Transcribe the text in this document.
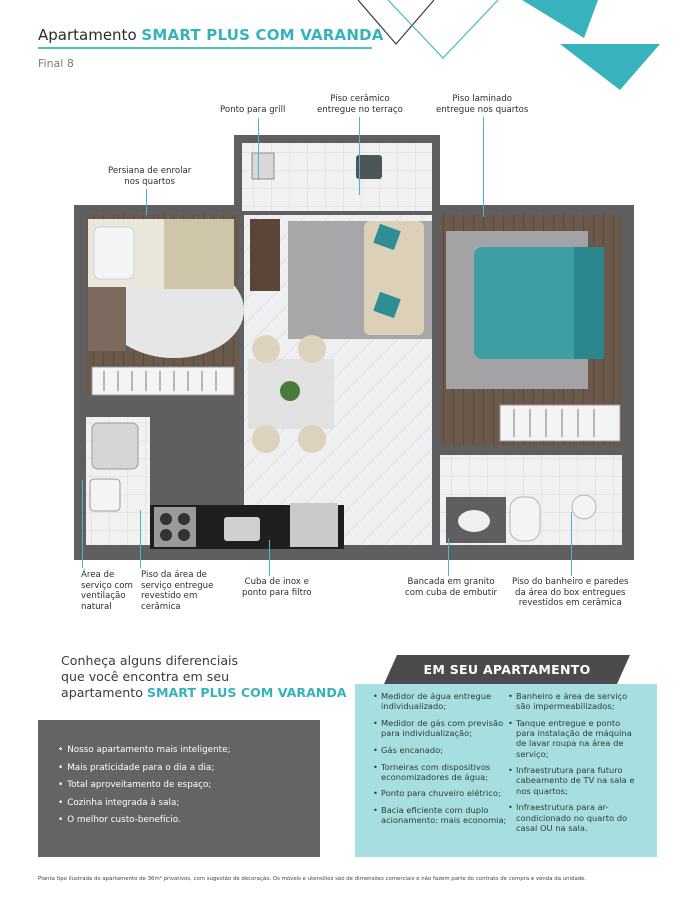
Apartamento SMART PLUS COM VARANDA
Final 8
Ponto para grill
Piso cerâmico
entregue no terraço
Piso laminado
entregue nos quartos
Persiana de enrolar
nos quartos
Área de
serviço com
ventilação
natural
Piso da área de
serviço entregue
revestido em
cerâmica
Cuba de inox e
ponto para filtro
Bancada em granito
com cuba de embutir
Piso do banheiro e paredes
da área do box entregues
revestidos em cerâmica
Conheça alguns diferenciais
que você encontra em seu
apartamento SMART PLUS COM VARANDA
• Nosso apartamento mais inteligente;
• Mais praticidade para o dia a dia;
• Total aproveitamento de espaço;
• Cozinha integrada à sala;
• O melhor custo-benefício.
• Medidor de água entregue individualizado;
• Medidor de gás com previsão para individualização;
• Gás encanado;
• Torneiras com dispositivos economizadores de água;
• Ponto para chuveiro elétrico;
• Bacia eficiente com duplo acionamento: mais economia;
• Banheiro e área de serviço são impermeabilizados;
• Tanque entregue e ponto para instalação de máquina de lavar roupa na área de serviço;
• Infraestrutura para futuro cabeamento de TV na sala e nos quartos;
• Infraestrutura para ar-condicionado no quarto do casal OU na sala.
EM SEU APARTAMENTO
Planta tipo ilustrada do apartamento de 36m² privativos, com sugestão de decoração. Os móveis e utensílios são de dimensões comerciais e não fazem parte do contrato de compra e venda da unidade.
